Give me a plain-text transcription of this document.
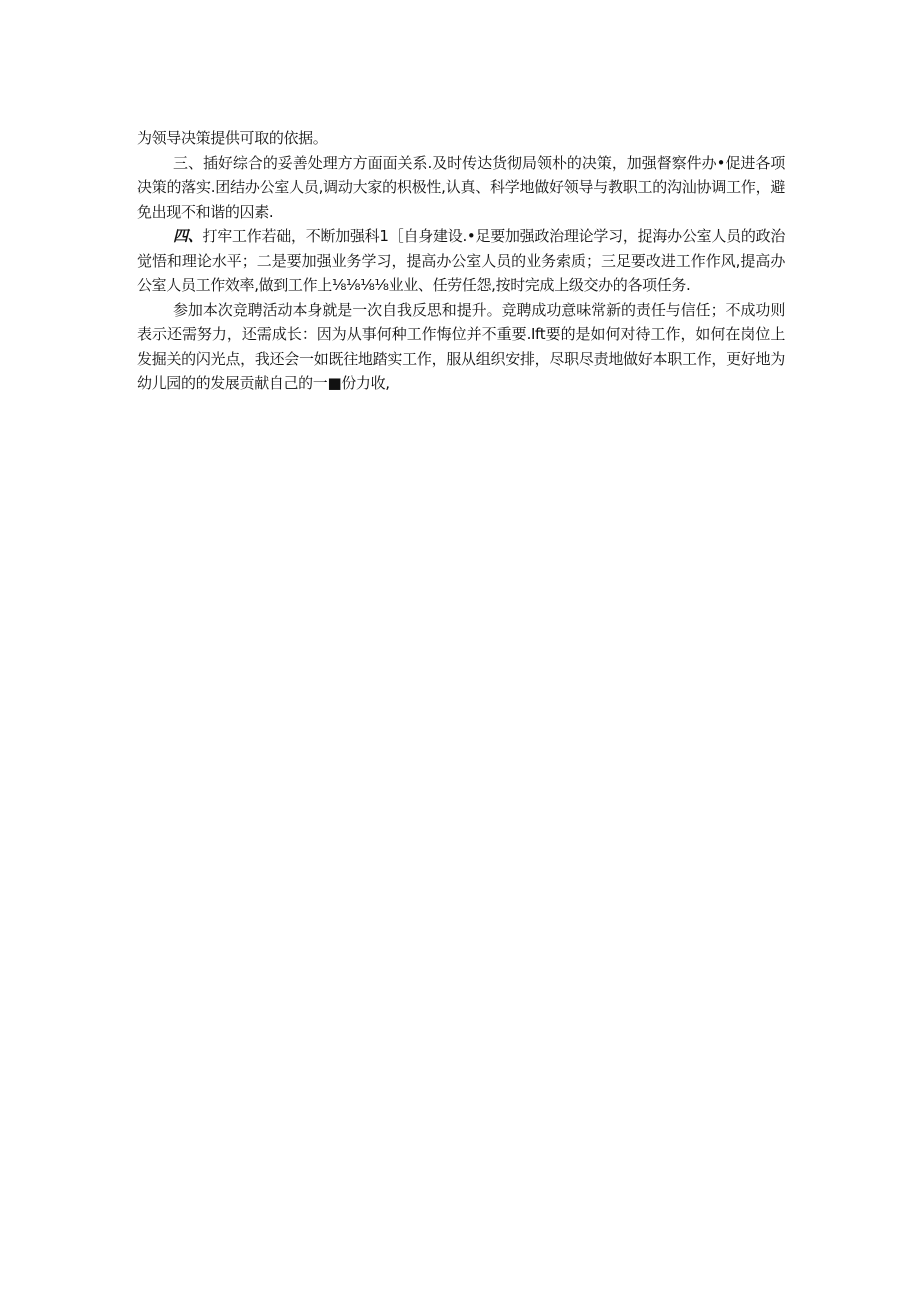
为领导决策提供可取的依据。

三、插好综合的妥善处理方方面面关系.及时传达货彻局领朴的决策，加强督察件办•促进各项决策的落实.团结办公室人员,调动大家的枳极性,认真、科学地做好领导与教职工的沟汕协调工作，避免出现不和谐的囚素.

四、打牢工作若础，不断加强科1［自身建设.•足要加强政治理论学习，捉海办公室人员的政治觉悟和理论水平；二是要加强业务学习，提高办公室人员的业务索质；三足要改进工作作风,提高办公室人员工作效率,做到工作上⅛⅛⅛⅛业业、任劳任怨,按时完成上级交办的各项任务.

参加本次竞聘活动本身就是一次自我反思和提升。竞聘成功意味常新的责任与信任；不成功则表示还需努力，还需成长：因为从事何种工作悔位并不重要.Ift要的是如何对待工作，如何在岗位上发掘关的闪光点，我还会一如既往地踏实工作，服从组织安排，尽职尽责地做好本职工作，更好地为幼儿园的的发展贡献自己的一■份力收,
